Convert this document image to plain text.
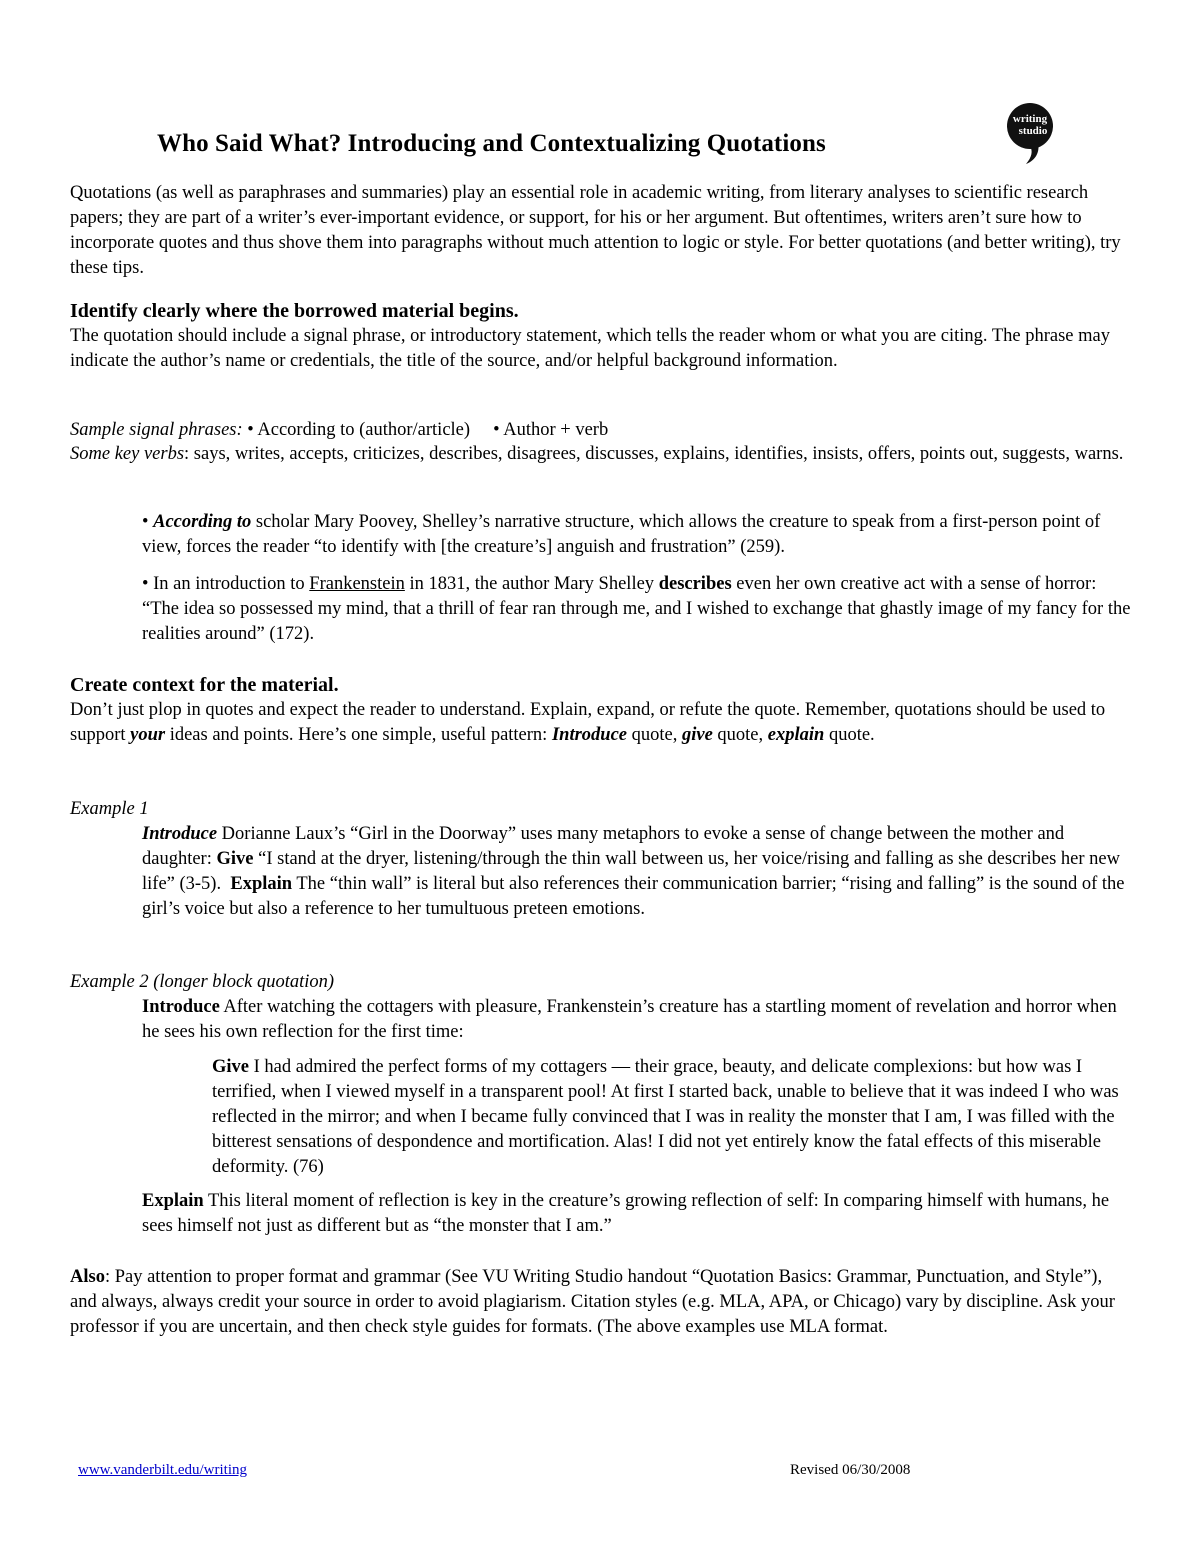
writing
studio
Who Said What? Introducing and Contextualizing Quotations

Quotations (as well as paraphrases and summaries) play an essential role in academic writing, from literary analyses to scientific research papers; they are part of a writer’s ever-important evidence, or support, for his or her argument. But oftentimes, writers aren’t sure how to incorporate quotes and thus shove them into paragraphs without much attention to logic or style. For better quotations (and better writing), try these tips.

Identify clearly where the borrowed material begins.

The quotation should include a signal phrase, or introductory statement, which tells the reader whom or what you are citing. The phrase may indicate the author’s name or credentials, the title of the source, and/or helpful background information.

Sample signal phrases: • According to (author/article)     • Author + verb

Some key verbs: says, writes, accepts, criticizes, describes, disagrees, discusses, explains, identifies, insists, offers, points out, suggests, warns.

• According to scholar Mary Poovey, Shelley’s narrative structure, which allows the creature to speak from a first-person point of view, forces the reader “to identify with [the creature’s] anguish and frustration” (259).

• In an introduction to Frankenstein in 1831, the author Mary Shelley describes even her own creative act with a sense of horror: “The idea so possessed my mind, that a thrill of fear ran through me, and I wished to exchange that ghastly image of my fancy for the realities around” (172).

Create context for the material.

Don’t just plop in quotes and expect the reader to understand. Explain, expand, or refute the quote. Remember, quotations should be used to support your ideas and points. Here’s one simple, useful pattern: Introduce quote, give quote, explain quote.

Example 1

Introduce Dorianne Laux’s “Girl in the Doorway” uses many metaphors to evoke a sense of change between the mother and daughter: Give “I stand at the dryer, listening/through the thin wall between us, her voice/rising and falling as she describes her new life” (3-5).  Explain The “thin wall” is literal but also references their communication barrier; “rising and falling” is the sound of the girl’s voice but also a reference to her tumultuous preteen emotions.

Example 2 (longer block quotation)

Introduce After watching the cottagers with pleasure, Frankenstein’s creature has a startling moment of revelation and horror when he sees his own reflection for the first time:

Give I had admired the perfect forms of my cottagers — their grace, beauty, and delicate complexions: but how was I terrified, when I viewed myself in a transparent pool! At first I started back, unable to believe that it was indeed I who was reflected in the mirror; and when I became fully convinced that I was in reality the monster that I am, I was filled with the bitterest sensations of despondence and mortification. Alas! I did not yet entirely know the fatal effects of this miserable deformity. (76)

Explain This literal moment of reflection is key in the creature’s growing reflection of self: In comparing himself with humans, he sees himself not just as different but as “the monster that I am.”

Also: Pay attention to proper format and grammar (See VU Writing Studio handout “Quotation Basics: Grammar, Punctuation, and Style”), and always, always credit your source in order to avoid plagiarism. Citation styles (e.g. MLA, APA, or Chicago) vary by discipline. Ask your professor if you are uncertain, and then check style guides for formats. (The above examples use MLA format.

www.vanderbilt.edu/writing	Revised 06/30/2008
